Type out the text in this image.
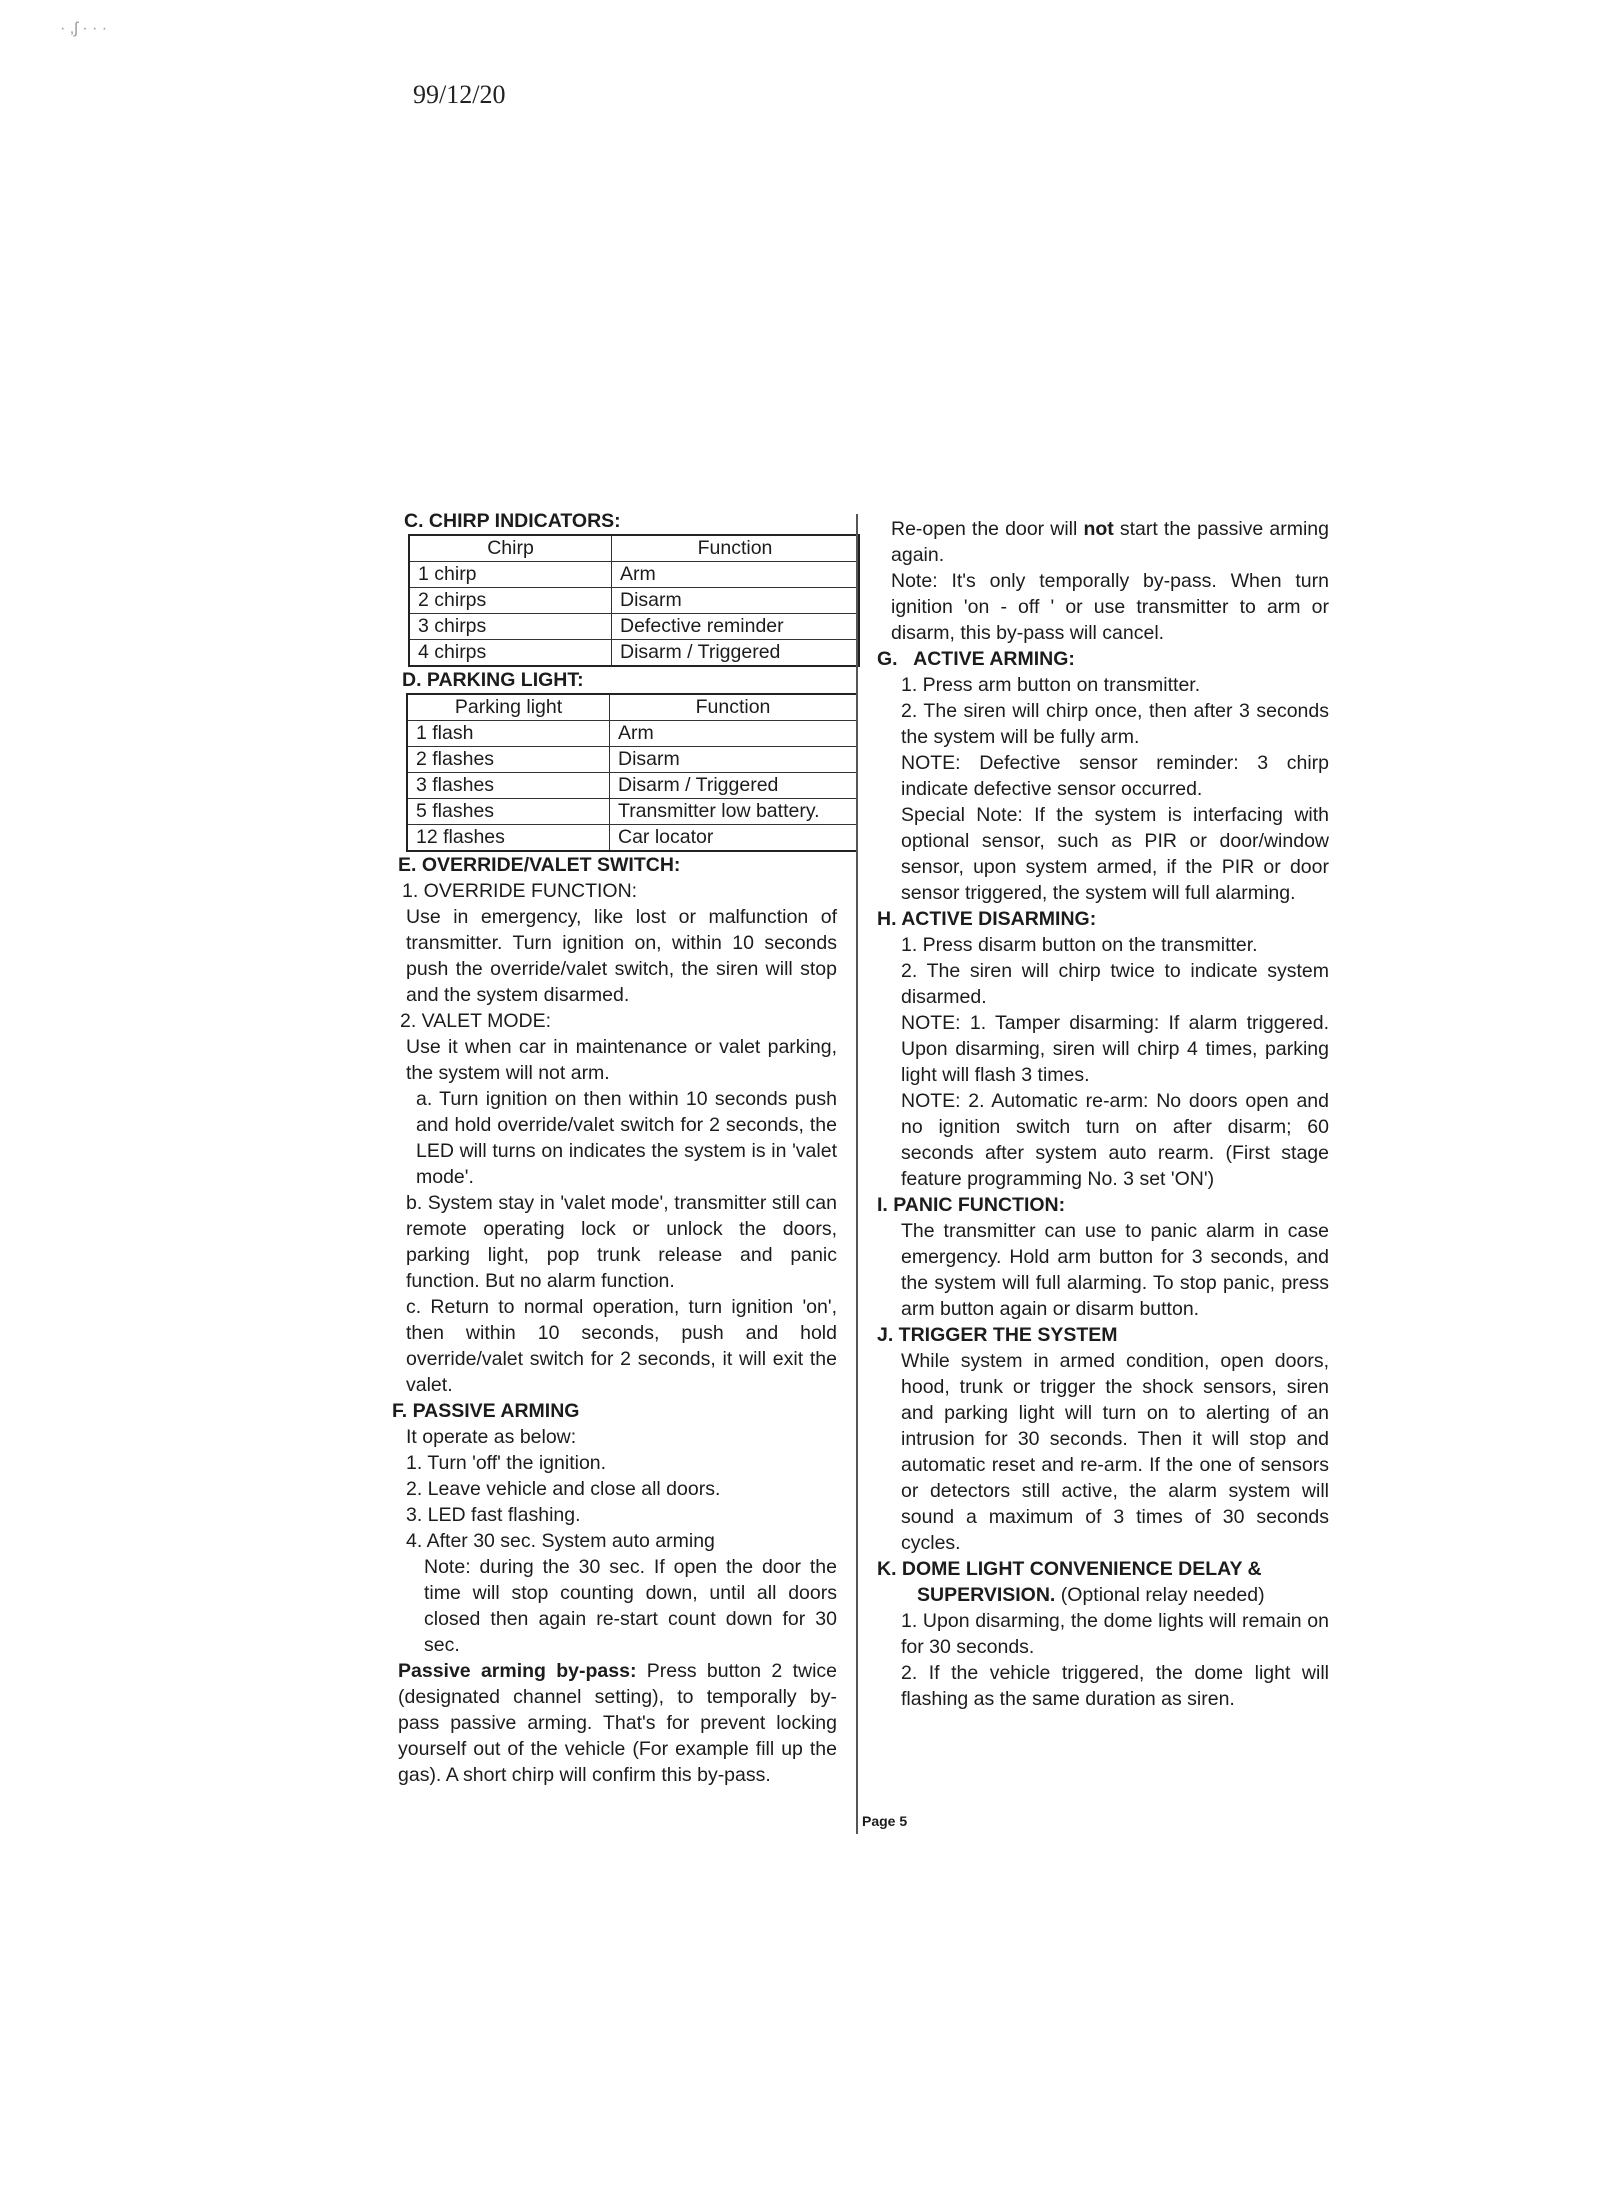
· ,ʃ · · ·
99/12/20
C. CHIRP INDICATORS:
Chirp	Function
1 chirp	Arm
2 chirps	Disarm
3 chirps	Defective reminder
4 chirps	Disarm / Triggered
D. PARKING LIGHT:
Parking light	Function
1 flash	Arm
2 flashes	Disarm
3 flashes	Disarm / Triggered
5 flashes	Transmitter low battery.
12 flashes	Car locator
E. OVERRIDE/VALET SWITCH:
1. OVERRIDE FUNCTION:
Use in emergency, like lost or malfunction of transmitter. Turn ignition on, within 10 seconds push the override/valet switch, the siren will stop and the system disarmed.
2. VALET MODE:
Use it when car in maintenance or valet parking, the system will not arm.
a. Turn ignition on then within 10 seconds push and hold override/valet switch for 2 seconds, the LED will turns on indicates the system is in 'valet mode'.
b. System stay in 'valet mode', transmitter still can remote operating lock or unlock the doors, parking light, pop trunk release and panic function. But no alarm function.
c. Return to normal operation, turn ignition 'on', then within 10 seconds, push and hold override/valet switch for 2 seconds, it will exit the valet.
F. PASSIVE ARMING
It operate as below:
1. Turn 'off' the ignition.
2. Leave vehicle and close all doors.
3. LED fast flashing.
4. After 30 sec. System auto arming
Note: during the 30 sec. If open the door the time will stop counting down, until all doors closed then again re-start count down for 30 sec.
Passive arming by-pass: Press button 2 twice (designated channel setting), to temporally by-pass passive arming. That's for prevent locking yourself out of the vehicle (For example fill up the gas). A short chirp will confirm this by-pass.
Page 5
Re-open the door will not start the passive arming again.
Note: It's only temporally by-pass. When turn ignition 'on - off ' or use transmitter to arm or disarm, this by-pass will cancel.
G.   ACTIVE ARMING:
1. Press arm button on transmitter.
2. The siren will chirp once, then after 3 seconds the system will be fully arm.
NOTE: Defective sensor reminder: 3 chirp indicate defective sensor occurred.
Special Note: If the system is interfacing with optional sensor, such as PIR or door/window sensor, upon system armed, if the PIR or door sensor triggered, the system will full alarming.
H. ACTIVE DISARMING:
1. Press disarm button on the transmitter.
2. The siren will chirp twice to indicate system disarmed.
NOTE: 1. Tamper disarming: If alarm triggered. Upon disarming, siren will chirp 4 times, parking light will flash 3 times.
NOTE: 2. Automatic re-arm: No doors open and no ignition switch turn on after disarm; 60 seconds after system auto rearm. (First stage feature programming No. 3 set 'ON')
I. PANIC FUNCTION:
The transmitter can use to panic alarm in case emergency. Hold arm button for 3 seconds, and the system will full alarming. To stop panic, press arm button again or disarm button.
J. TRIGGER THE SYSTEM
While system in armed condition, open doors, hood, trunk or trigger the shock sensors, siren and parking light will turn on to alerting of an intrusion for 30 seconds. Then it will stop and automatic reset and re-arm. If the one of sensors or detectors still active, the alarm system will sound a maximum of 3 times of 30 seconds cycles.
K. DOME LIGHT CONVENIENCE DELAY &
SUPERVISION. (Optional relay needed)
1. Upon disarming, the dome lights will remain on for 30 seconds.
2. If the vehicle triggered, the dome light will flashing as the same duration as siren.
